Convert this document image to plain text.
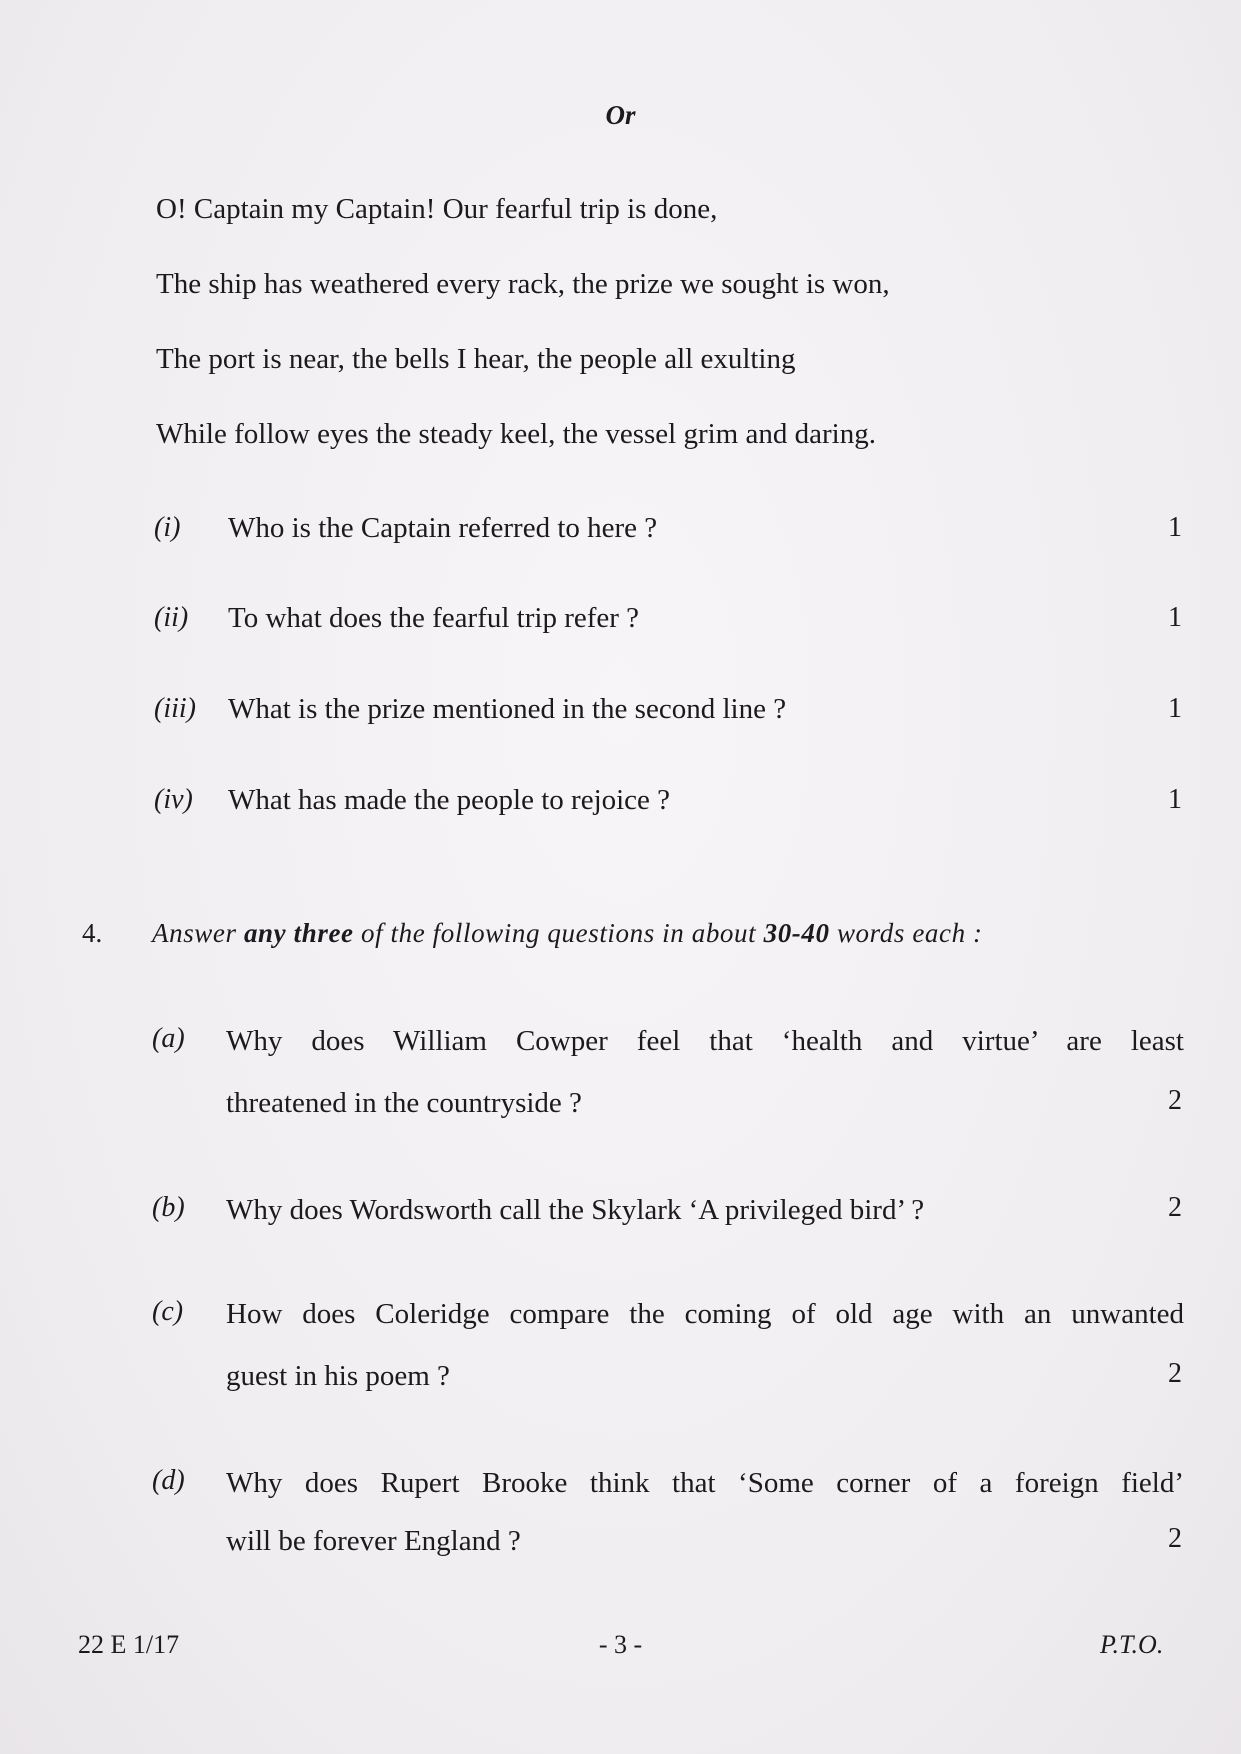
Or
O! Captain my Captain! Our fearful trip is done,
The ship has weathered every rack, the prize we sought is won,
The port is near, the bells I hear, the people all exulting
While follow eyes the steady keel, the vessel grim and daring.
(i) Who is the Captain referred to here ?	1
(ii) To what does the fearful trip refer ?	1
(iii) What is the prize mentioned in the second line ?	1
(iv) What has made the people to rejoice ?	1
4. Answer any three of the following questions in about 30-40 words each :
(a) Why does William Cowper feel that ‘health and virtue’ are least
threatened in the countryside ?	2
(b) Why does Wordsworth call the Skylark ‘A privileged bird’ ?	2
(c) How does Coleridge compare the coming of old age with an unwanted
guest in his poem ?	2
(d) Why does Rupert Brooke think that ‘Some corner of a foreign field’
will be forever England ?	2
22 E 1/17	- 3 -	P.T.O.
